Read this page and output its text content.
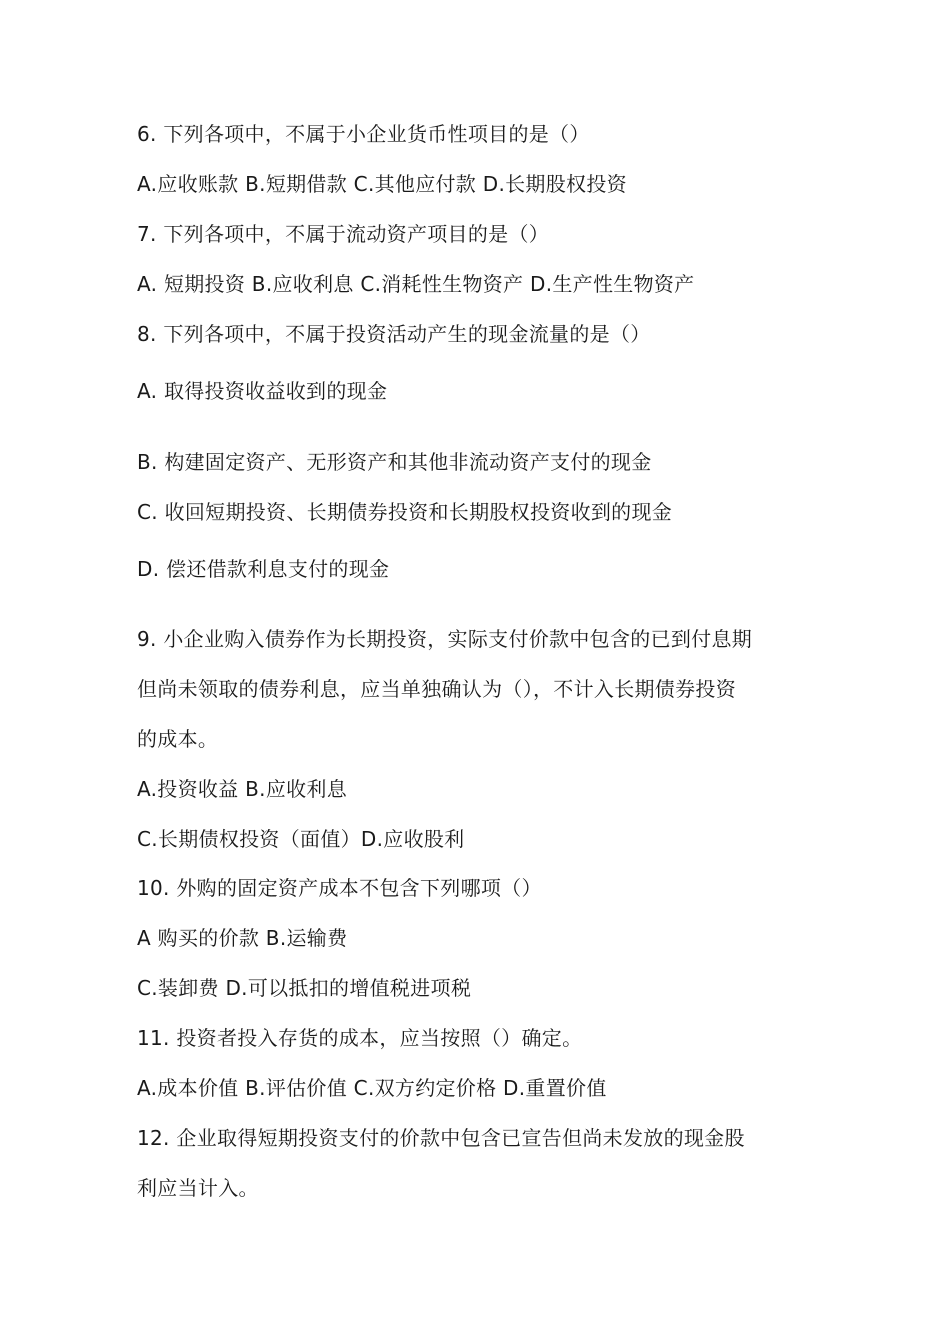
6. 下列各项中，不属于小企业货币性项目的是（）
A.应收账款 B.短期借款 C.其他应付款 D.长期股权投资
7. 下列各项中，不属于流动资产项目的是（）
A. 短期投资 B.应收利息 C.消耗性生物资产 D.生产性生物资产
8. 下列各项中，不属于投资活动产生的现金流量的是（）
A. 取得投资收益收到的现金
B. 构建固定资产、无形资产和其他非流动资产支付的现金
C. 收回短期投资、长期债券投资和长期股权投资收到的现金
D. 偿还借款利息支付的现金
9. 小企业购入债券作为长期投资，实际支付价款中包含的已到付息期
但尚未领取的债券利息，应当单独确认为（），不计入长期债券投资
的成本。
A.投资收益 B.应收利息
C.长期债权投资（面值）D.应收股利
10. 外购的固定资产成本不包含下列哪项（）
A 购买的价款 B.运输费
C.装卸费 D.可以抵扣的增值税进项税
11. 投资者投入存货的成本，应当按照（）确定。
A.成本价值 B.评估价值 C.双方约定价格 D.重置价值
12. 企业取得短期投资支付的价款中包含已宣告但尚未发放的现金股
利应当计入。
